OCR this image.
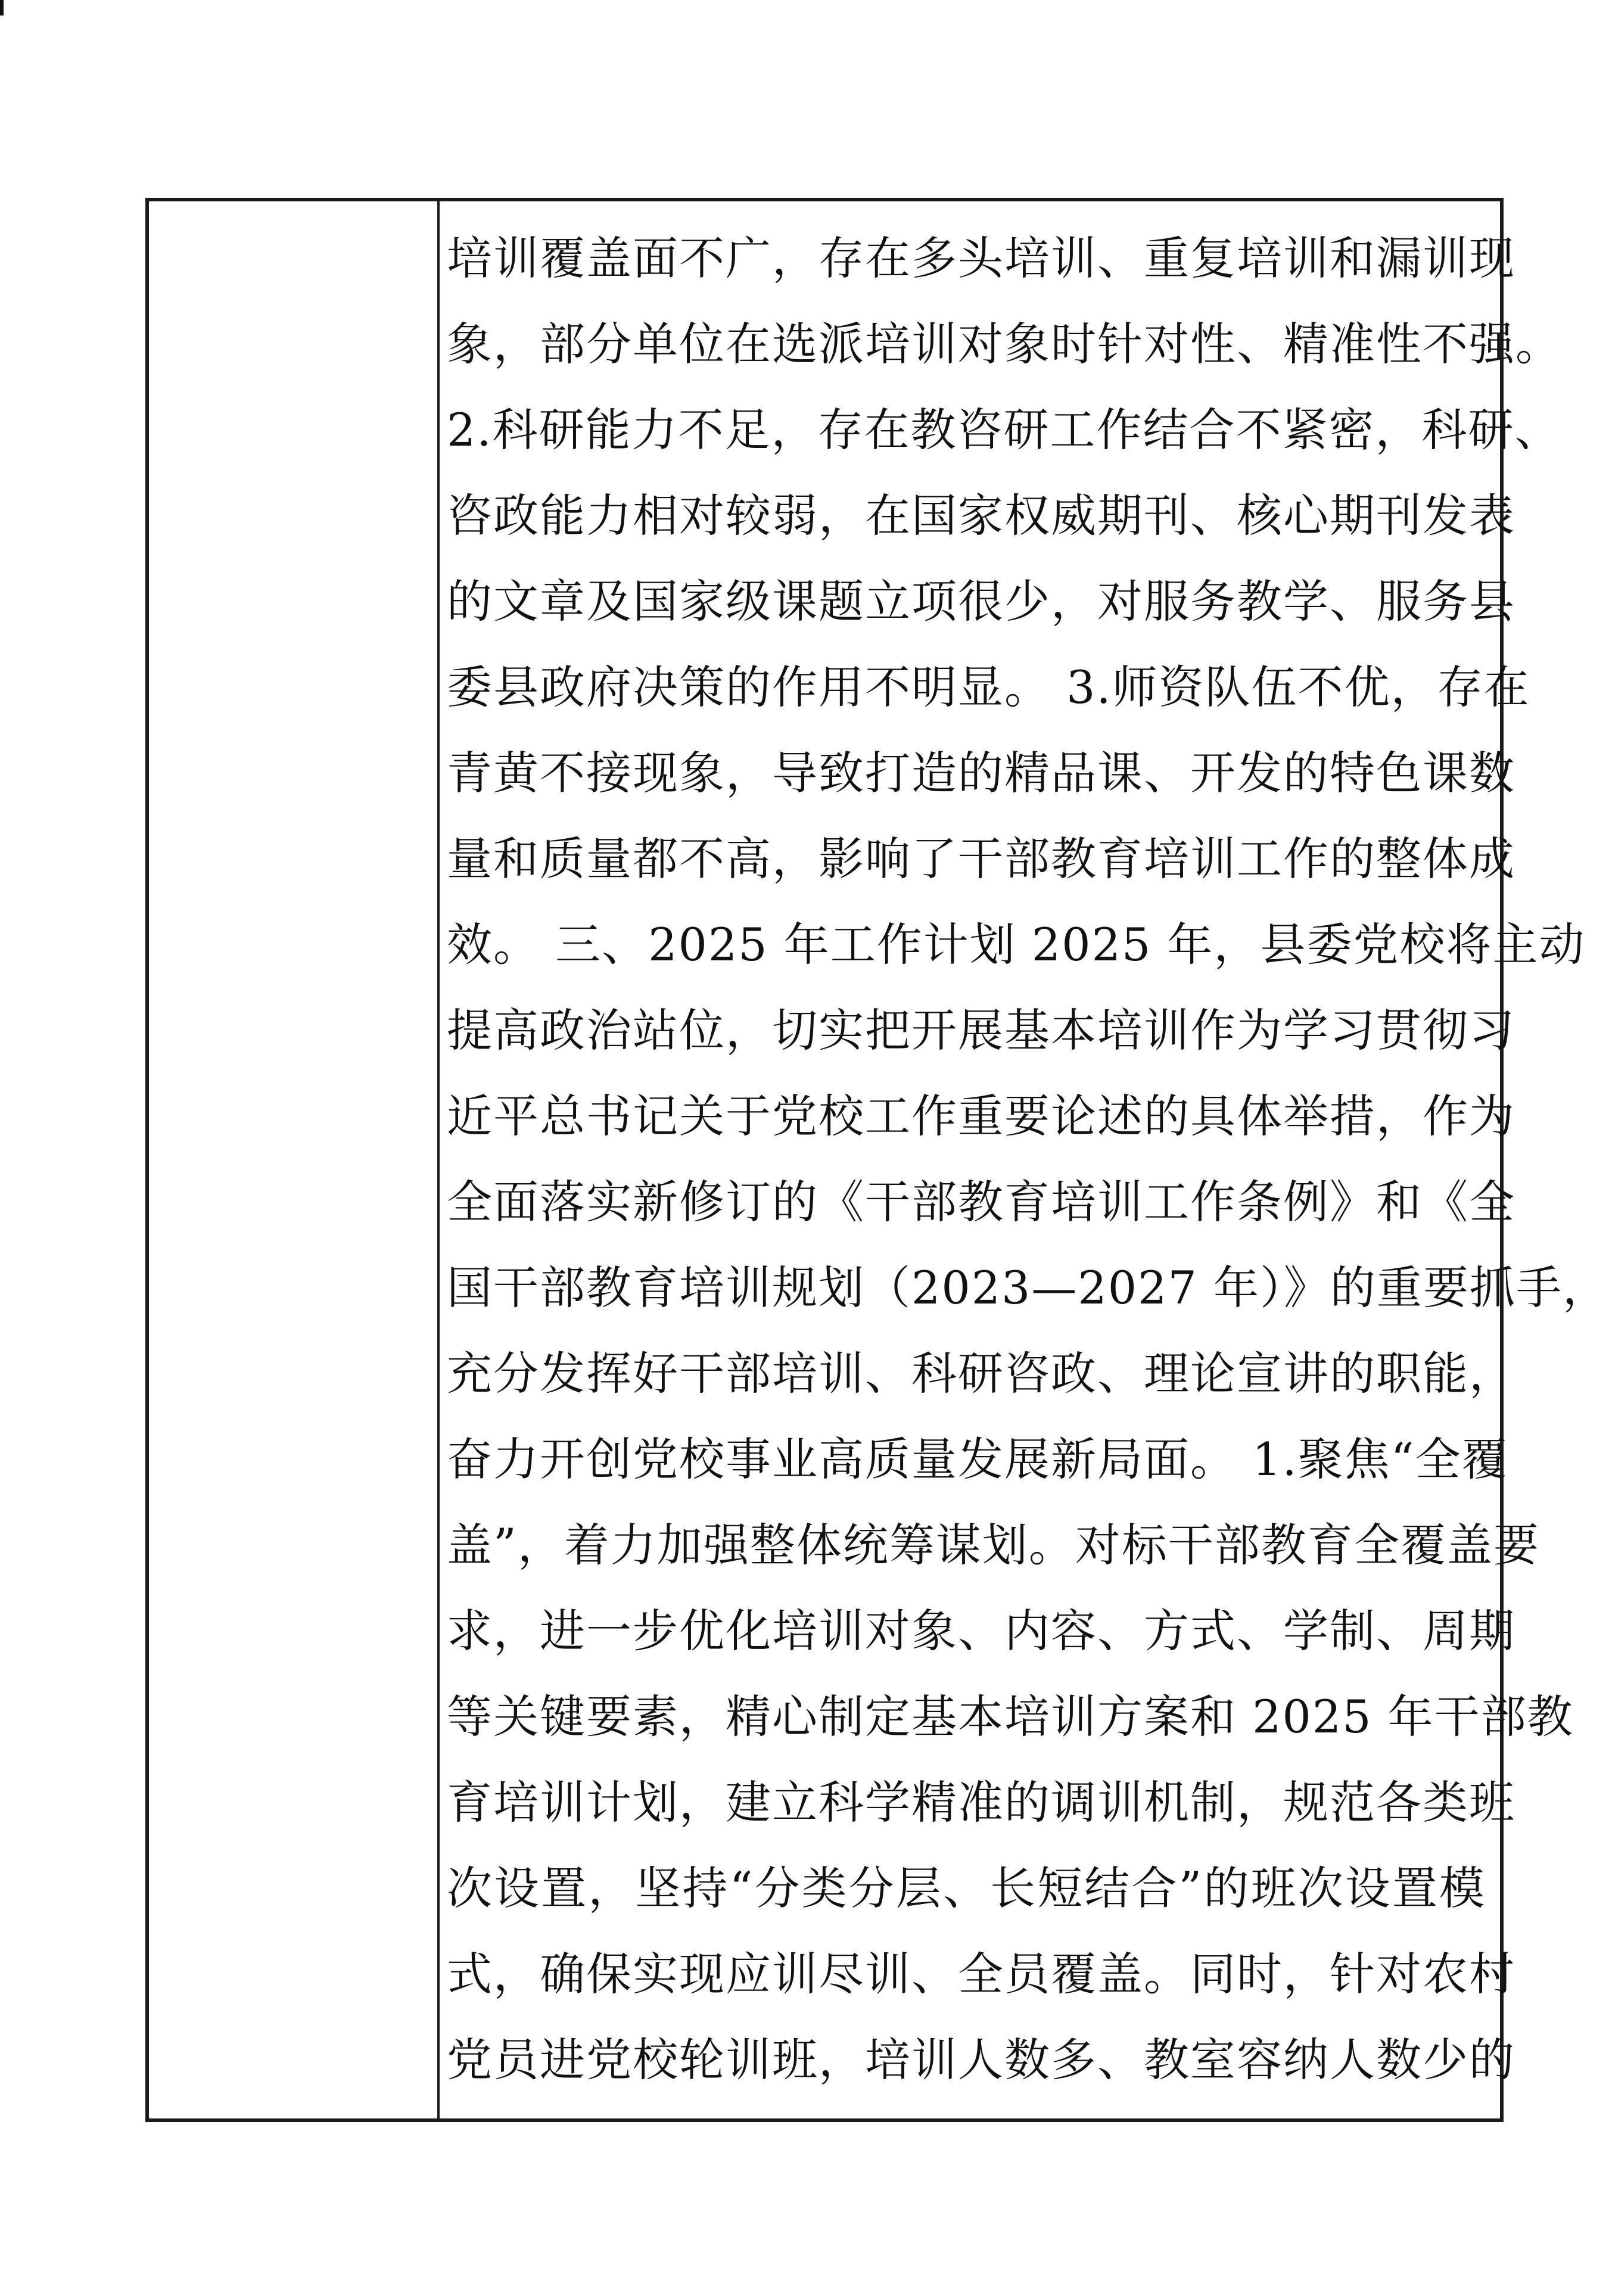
培训覆盖面不广，存在多头培训、重复培训和漏训现
象，部分单位在选派培训对象时针对性、精准性不强。
2.科研能力不足，存在教咨研工作结合不紧密，科研、
咨政能力相对较弱，在国家权威期刊、核心期刊发表
的文章及国家级课题立项很少，对服务教学、服务县
委县政府决策的作用不明显。 3.师资队伍不优，存在
青黄不接现象，导致打造的精品课、开发的特色课数
量和质量都不高，影响了干部教育培训工作的整体成
效。 三、2025 年工作计划 2025 年，县委党校将主动
提高政治站位，切实把开展基本培训作为学习贯彻习
近平总书记关于党校工作重要论述的具体举措，作为
全面落实新修订的《干部教育培训工作条例》和《全
国干部教育培训规划（2023—2027 年）》的重要抓手，
充分发挥好干部培训、科研咨政、理论宣讲的职能，
奋力开创党校事业高质量发展新局面。 1.聚焦“全覆
盖”，着力加强整体统筹谋划。对标干部教育全覆盖要
求，进一步优化培训对象、内容、方式、学制、周期
等关键要素，精心制定基本培训方案和 2025 年干部教
育培训计划，建立科学精准的调训机制，规范各类班
次设置，坚持“分类分层、长短结合”的班次设置模
式，确保实现应训尽训、全员覆盖。同时，针对农村
党员进党校轮训班，培训人数多、教室容纳人数少的
